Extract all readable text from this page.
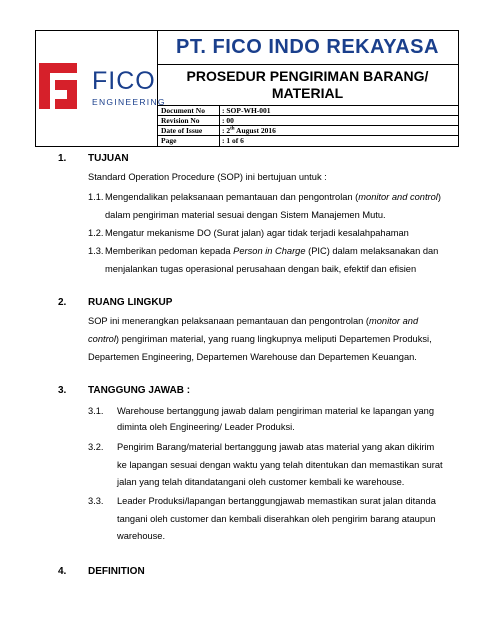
FICO
ENGINEERING
PT. FICO INDO REKAYASA
PROSEDUR PENGIRIMAN BARANG/
MATERIAL
Document No	: SOP-WH-001
Revision No	: 00
Date of Issue	: 2th August 2016
Page	: 1 of 6
1. TUJUAN
Standard Operation Procedure (SOP) ini bertujuan untuk :
1.1. Mengendalikan pelaksanaan pemantauan dan pengontrolan (monitor and control)
dalam pengiriman material sesuai dengan Sistem Manajemen Mutu.
1.2. Mengatur mekanisme DO (Surat jalan) agar tidak terjadi kesalahpahaman
1.3. Memberikan pedoman kepada Person in Charge (PIC) dalam melaksanakan dan
menjalankan tugas operasional perusahaan dengan baik, efektif dan efisien
2. RUANG LINGKUP
SOP ini menerangkan pelaksanaan pemantauan dan pengontrolan (monitor and
control) pengiriman material, yang ruang lingkupnya meliputi Departemen Produksi,
Departemen Engineering, Departemen Warehouse dan Departemen Keuangan.
3. TANGGUNG JAWAB :
3.1. Warehouse bertanggung jawab dalam pengiriman material ke lapangan yang
diminta oleh Engineering/ Leader Produksi.
3.2. Pengirim Barang/material bertanggung jawab atas material yang akan dikirim
ke lapangan sesuai dengan waktu yang telah ditentukan dan memastikan surat
jalan yang telah ditandatangani oleh customer kembali ke warehouse.
3.3. Leader Produksi/lapangan bertanggungjawab memastikan surat jalan ditanda
tangani oleh customer dan kembali diserahkan oleh pengirim barang ataupun
warehouse.
4. DEFINITION
